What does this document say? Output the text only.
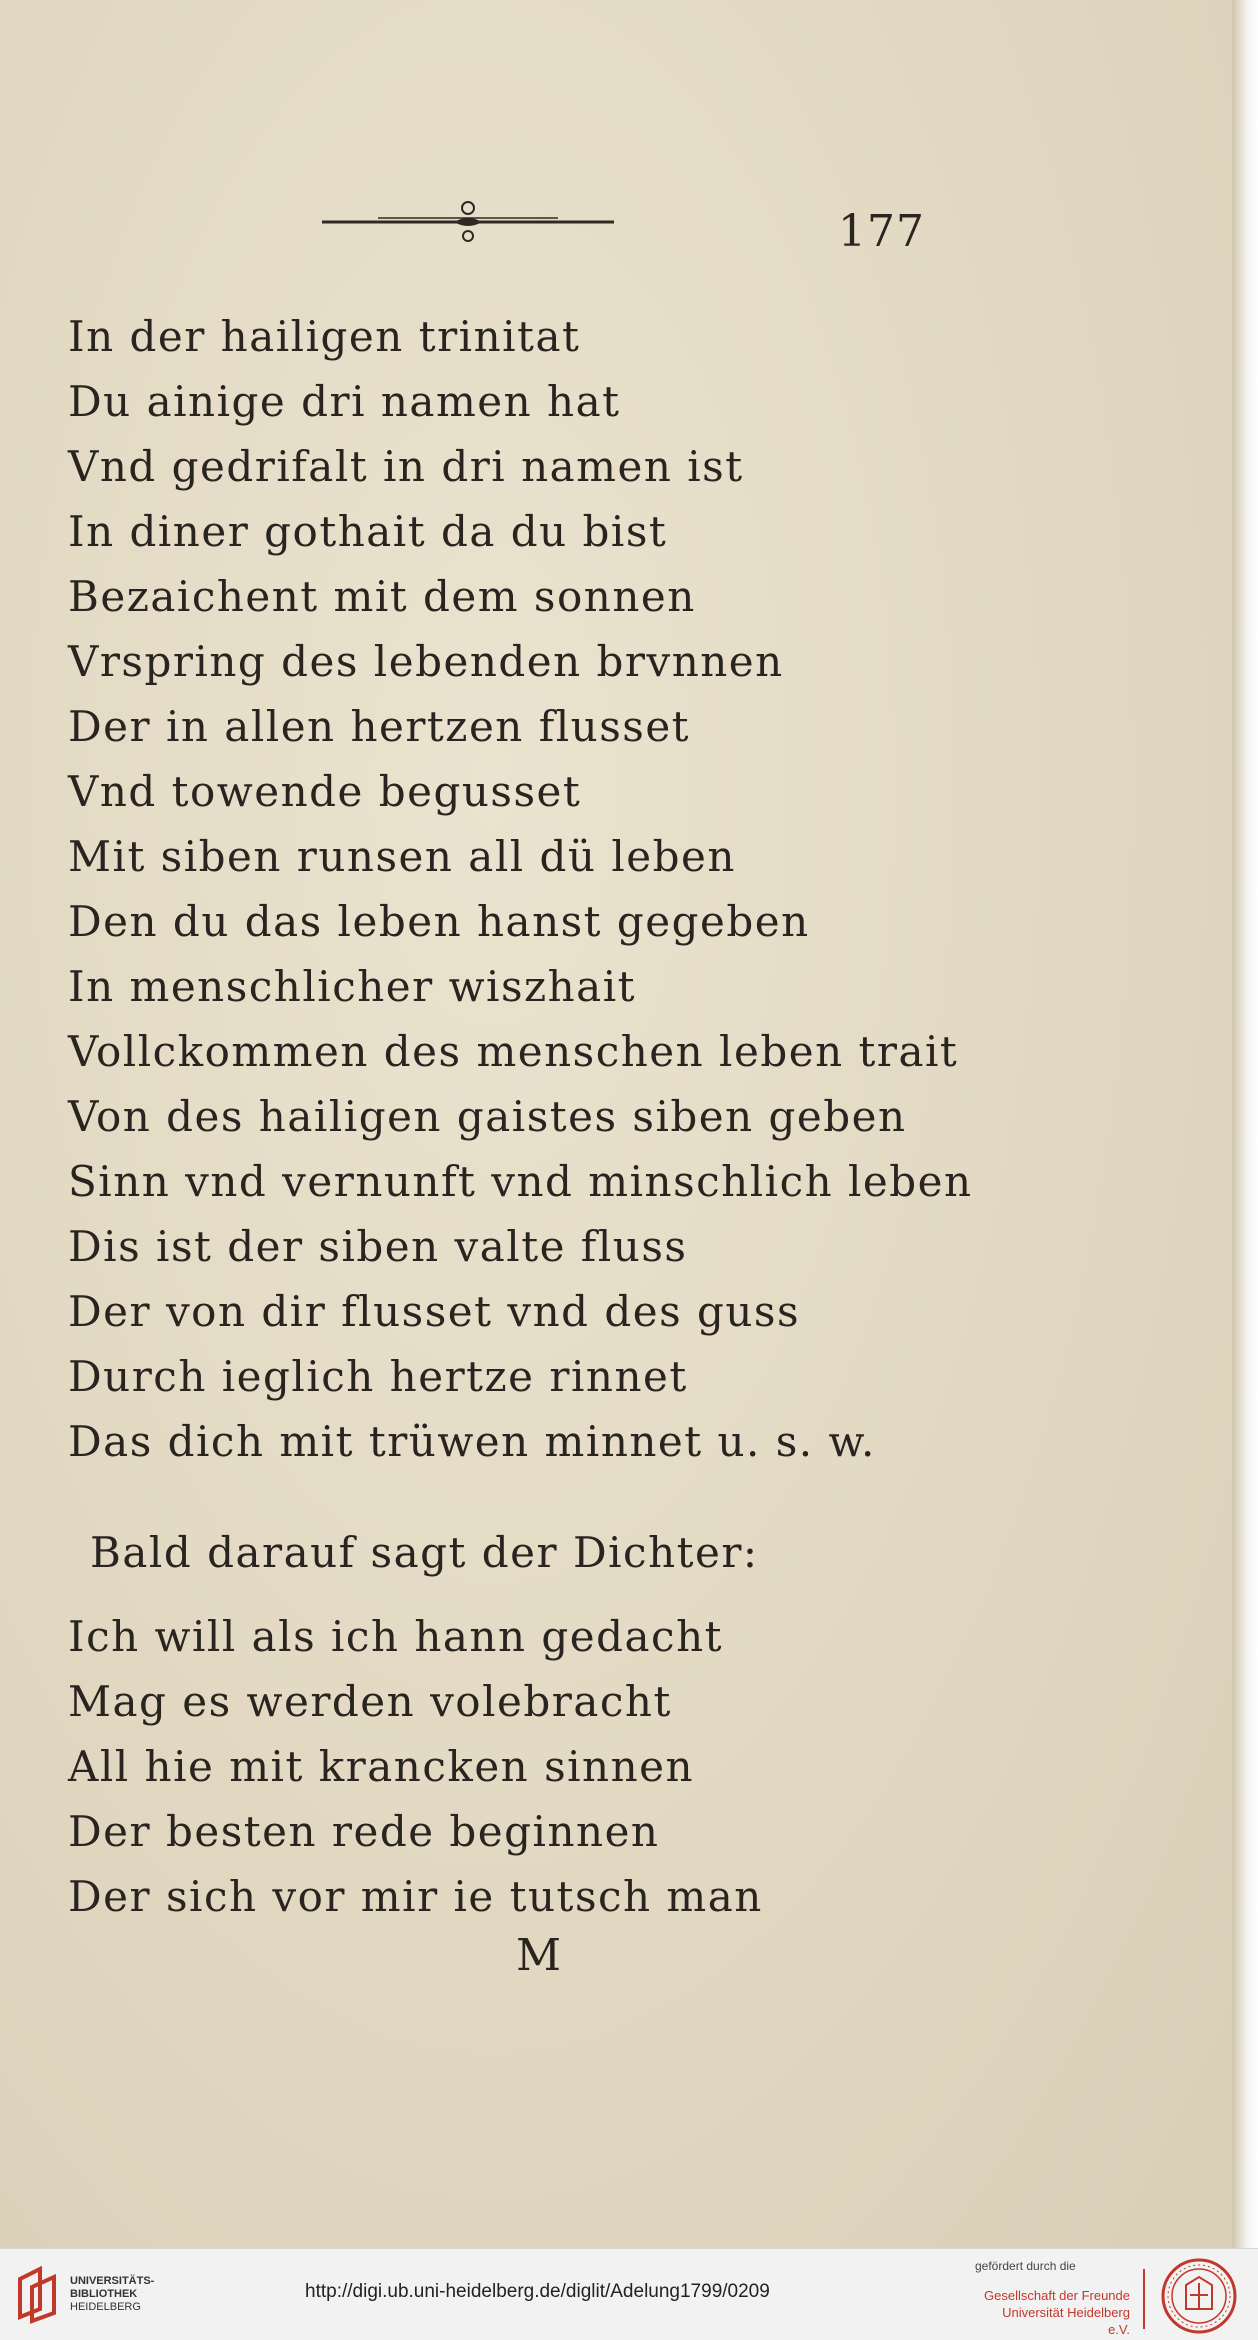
177
In der hailigen trinitat
Du ainige dri namen hat
Vnd gedrifalt in dri namen ist
In diner gothait da du bist
Bezaichent mit dem sonnen
Vrspring des lebenden brvnnen
Der in allen hertzen flusset
Vnd towende begusset
Mit siben runsen all dü leben
Den du das leben hanst gegeben
In menschlicher wiszhait
Vollckommen des menschen leben trait
Von des hailigen gaistes siben geben
Sinn vnd vernunft vnd minschlich leben
Dis ist der siben valte fluss
Der von dir flusset vnd des guss
Durch ieglich hertze rinnet
Das dich mit trüwen minnet u. s. w.
Bald darauf sagt der Dichter:
Ich will als ich hann gedacht
Mag es werden volebracht
All hie mit krancken sinnen
Der besten rede beginnen
Der sich vor mir ie tutsch man
M
UNIVERSITÄTS-
BIBLIOTHEK
HEIDELBERG
http://digi.ub.uni-heidelberg.de/diglit/Adelung1799/0209
gefördert durch die
Gesellschaft der Freunde
Universität Heidelberg e.V.
